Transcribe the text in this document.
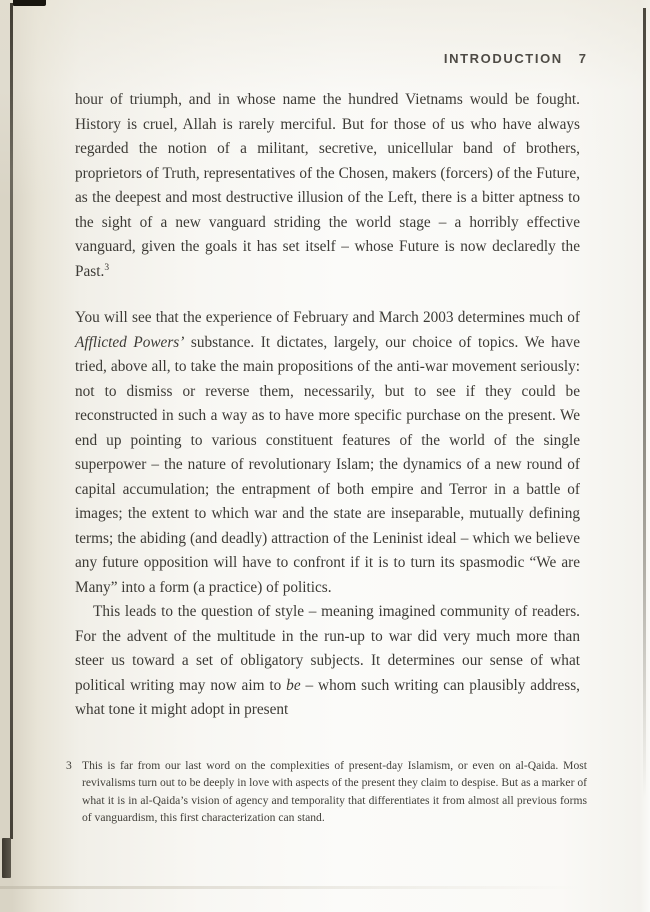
INTRODUCTION 7

hour of triumph, and in whose name the hundred Vietnams would be fought. History is cruel, Allah is rarely merciful. But for those of us who have always regarded the notion of a militant, secretive, unicellular band of brothers, proprietors of Truth, representatives of the Chosen, makers (forcers) of the Future, as the deepest and most destructive illusion of the Left, there is a bitter aptness to the sight of a new vanguard striding the world stage – a horribly effective vanguard, given the goals it has set itself – whose Future is now declaredly the Past.$^3$

You will see that the experience of February and March 2003 determines much of Afflicted Powers’ substance. It dictates, largely, our choice of topics. We have tried, above all, to take the main propositions of the anti-war movement seriously: not to dismiss or reverse them, necessarily, but to see if they could be reconstructed in such a way as to have more specific purchase on the present. We end up pointing to various constituent features of the world of the single superpower – the nature of revolutionary Islam; the dynamics of a new round of capital accumulation; the entrapment of both empire and Terror in a battle of images; the extent to which war and the state are inseparable, mutually defining terms; the abiding (and deadly) attraction of the Leninist ideal – which we believe any future opposition will have to confront if it is to turn its spasmodic “We are Many” into a form (a practice) of politics.

This leads to the question of style – meaning imagined community of readers. For the advent of the multitude in the run-up to war did very much more than steer us toward a set of obligatory subjects. It determines our sense of what political writing may now aim to be – whom such writing can plausibly address, what tone it might adopt in present

3 This is far from our last word on the complexities of present-day Islamism, or even on al-Qaida. Most revivalisms turn out to be deeply in love with aspects of the present they claim to despise. But as a marker of what it is in al-Qaida’s vision of agency and temporality that differentiates it from almost all previous forms of vanguardism, this first characterization can stand.
